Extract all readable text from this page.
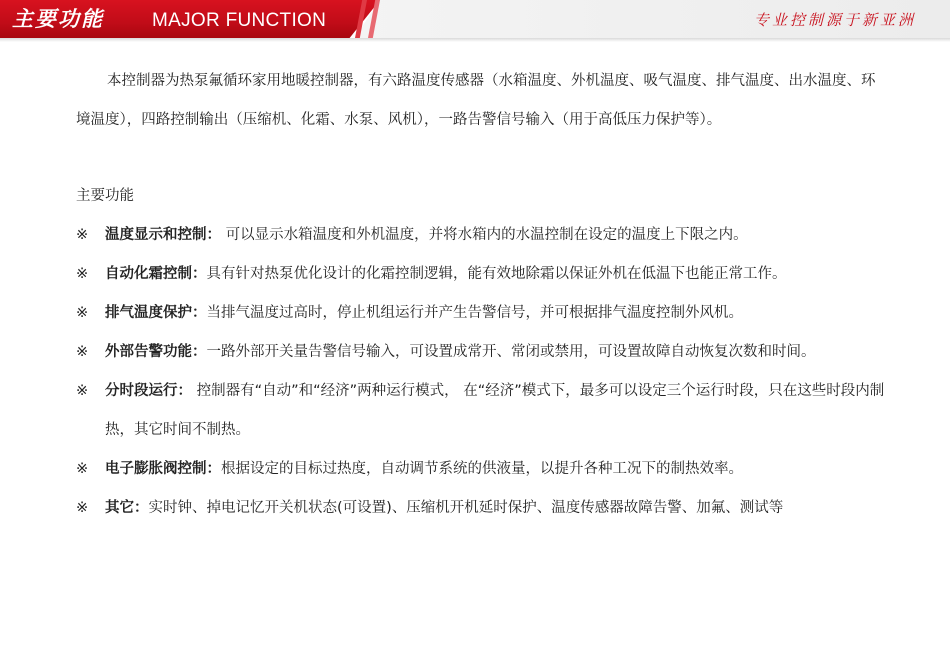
主要功能	MAJOR FUNCTION	专业控制源于新亚洲

本控制器为热泵氟循环家用地暖控制器，有六路温度传感器（水箱温度、外机温度、吸气温度、排气温度、出水温度、环境温度），四路控制输出（压缩机、化霜、水泵、风机），一路告警信号输入（用于高低压力保护等）。

主要功能
※ 温度显示和控制： 可以显示水箱温度和外机温度，并将水箱内的水温控制在设定的温度上下限之内。
※ 自动化霜控制：具有针对热泵优化设计的化霜控制逻辑，能有效地除霜以保证外机在低温下也能正常工作。
※ 排气温度保护：当排气温度过高时，停止机组运行并产生告警信号，并可根据排气温度控制外风机。
※ 外部告警功能：一路外部开关量告警信号输入，可设置成常开、常闭或禁用，可设置故障自动恢复次数和时间。
※ 分时段运行： 控制器有“自动”和“经济”两种运行模式， 在“经济”模式下，最多可以设定三个运行时段，只在这些时段内制热，其它时间不制热。
※ 电子膨胀阀控制：根据设定的目标过热度，自动调节系统的供液量，以提升各种工况下的制热效率。
※ 其它：实时钟、掉电记忆开关机状态(可设置)、压缩机开机延时保护、温度传感器故障告警、加氟、测试等
